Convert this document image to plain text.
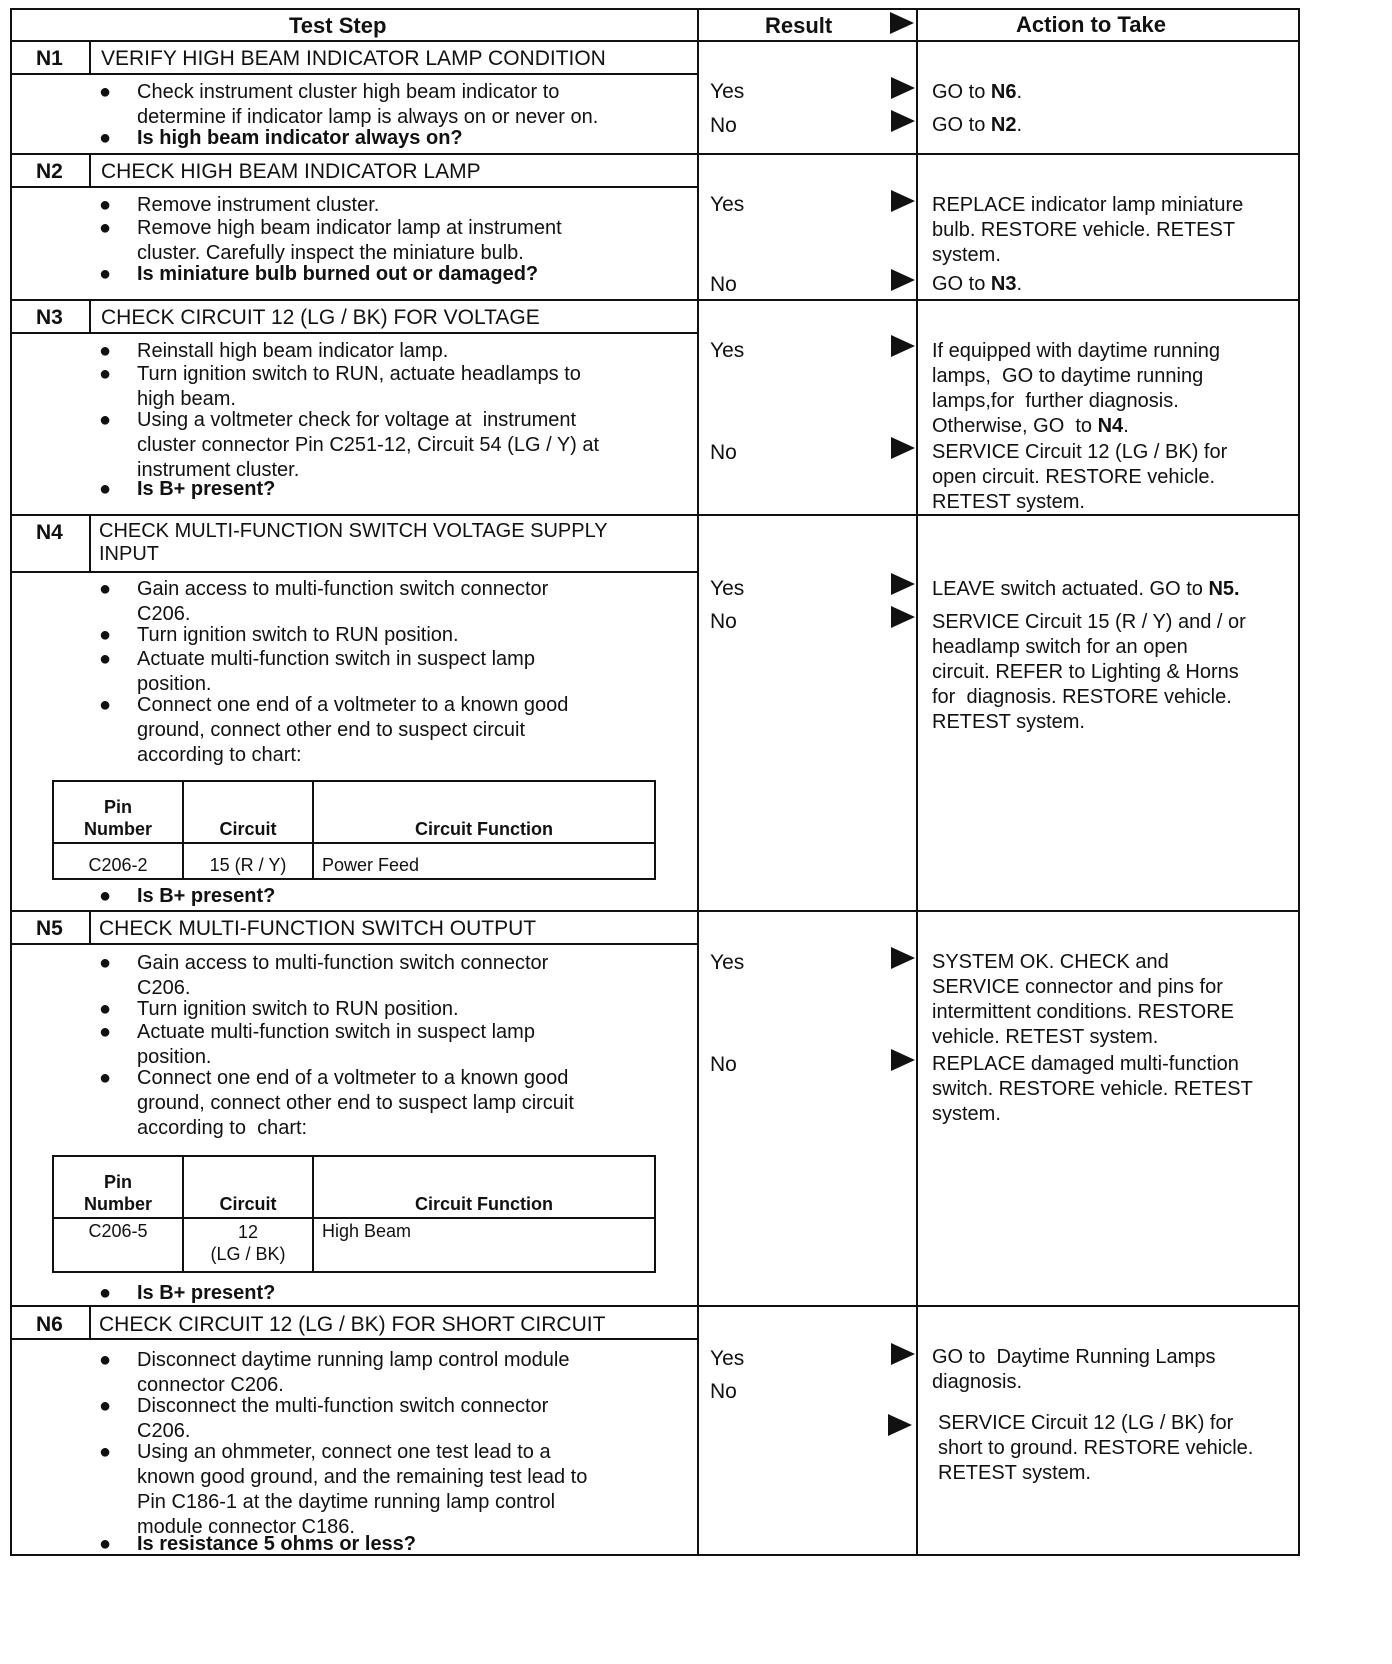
Test Step	Result	Action to Take
N1 VERIFY HIGH BEAM INDICATOR LAMP CONDITION
● Check instrument cluster high beam indicator to
determine if indicator lamp is always on or never on.
● Is high beam indicator always on?
Yes	GO to N6.
No	GO to N2.
N2 CHECK HIGH BEAM INDICATOR LAMP
● Remove instrument cluster.
● Remove high beam indicator lamp at instrument
cluster. Carefully inspect the miniature bulb.
● Is miniature bulb burned out or damaged?
Yes	REPLACE indicator lamp miniature
bulb. RESTORE vehicle. RETEST
system.
No	GO to N3.
N3 CHECK CIRCUIT 12 (LG / BK) FOR VOLTAGE
● Reinstall high beam indicator lamp.
● Turn ignition switch to RUN, actuate headlamps to
high beam.
● Using a voltmeter check for voltage at  instrument
cluster connector Pin C251-12, Circuit 54 (LG / Y) at
instrument cluster.
● Is B+ present?
Yes	If equipped with daytime running
lamps,  GO to daytime running
lamps,for  further diagnosis.
Otherwise, GO  to N4.
No	SERVICE Circuit 12 (LG / BK) for
open circuit. RESTORE vehicle.
RETEST system.
N4 CHECK MULTI-FUNCTION SWITCH VOLTAGE SUPPLY
INPUT
● Gain access to multi-function switch connector
C206.
● Turn ignition switch to RUN position.
● Actuate multi-function switch in suspect lamp
position.
● Connect one end of a voltmeter to a known good
ground, connect other end to suspect circuit
according to chart:
Pin
Number	Circuit	Circuit Function
C206-2	15 (R / Y)	Power Feed
● Is B+ present?
Yes	LEAVE switch actuated. GO to N5.
No	SERVICE Circuit 15 (R / Y) and / or
headlamp switch for an open
circuit. REFER to Lighting & Horns
for  diagnosis. RESTORE vehicle.
RETEST system.
N5 CHECK MULTI-FUNCTION SWITCH OUTPUT
● Gain access to multi-function switch connector
C206.
● Turn ignition switch to RUN position.
● Actuate multi-function switch in suspect lamp
position.
● Connect one end of a voltmeter to a known good
ground, connect other end to suspect lamp circuit
according to  chart:
Pin
Number	Circuit	Circuit Function
C206-5	12
(LG / BK)	High Beam
● Is B+ present?
Yes	SYSTEM OK. CHECK and
SERVICE connector and pins for
intermittent conditions. RESTORE
vehicle. RETEST system.
No	REPLACE damaged multi-function
switch. RESTORE vehicle. RETEST
system.
N6 CHECK CIRCUIT 12 (LG / BK) FOR SHORT CIRCUIT
● Disconnect daytime running lamp control module
connector C206.
● Disconnect the multi-function switch connector
C206.
● Using an ohmmeter, connect one test lead to a
known good ground, and the remaining test lead to
Pin C186-1 at the daytime running lamp control
module connector C186.
● Is resistance 5 ohms or less?
Yes	GO to  Daytime Running Lamps
diagnosis.
No
SERVICE Circuit 12 (LG / BK) for
short to ground. RESTORE vehicle.
RETEST system.
